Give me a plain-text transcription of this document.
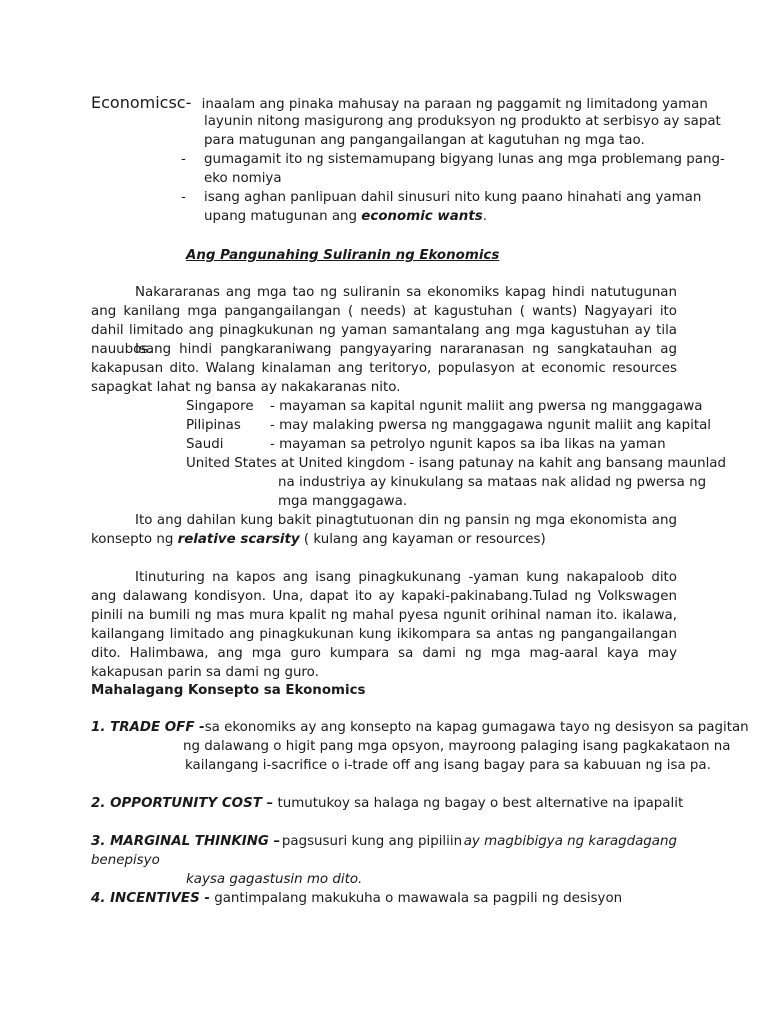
Economicsc- inaalam ang pinaka mahusay na paraan ng paggamit ng limitadong yaman
layunin nitong masigurong ang produksyon ng produkto at serbisyo ay sapat
para matugunan ang pangangailangan at kagutuhan ng mga tao.
- gumagamit ito ng sistemamupang bigyang lunas ang mga problemang pang-
eko nomiya
- isang aghan panlipuan dahil sinusuri nito kung paano hinahati ang yaman
upang matugunan ang economic wants.
Ang Pangunahing Suliranin ng Ekonomics
Nakararanas ang mga tao ng suliranin sa ekonomiks kapag hindi natutugunan ang kanilang mga pangangailangan ( needs) at kagustuhan ( wants) Nagyayari ito dahil limitado ang pinagkukunan ng yaman samantalang ang mga kagustuhan ay tila nauubos.
Isang hindi pangkaraniwang pangyayaring nararanasan ng sangkatauhan ag kakapusan dito. Walang kinalaman ang teritoryo, populasyon at economic resources sapagkat lahat ng bansa ay nakakaranas nito.
Singapore - mayaman sa kapital ngunit maliit ang pwersa ng manggagawa
Pilipinas - may malaking pwersa ng manggagawa ngunit maliit ang kapital
Saudi	- mayaman sa petrolyo ngunit kapos sa iba likas na yaman
United States at United kingdom - isang patunay na kahit ang bansang maunlad
na industriya ay kinukulang sa mataas nak alidad ng pwersa ng
mga manggagawa.
Ito ang dahilan kung bakit pinagtutuonan din ng pansin ng mga ekonomista ang
konsepto ng relative scarsity ( kulang ang kayaman or resources)
Itinuturing na kapos ang isang pinagkukunang -yaman kung nakapaloob dito ang dalawang kondisyon. Una, dapat ito ay kapaki-pakinabang.Tulad ng Volkswagen pinili na bumili ng mas mura kpalit ng mahal pyesa ngunit orihinal naman ito. ikalawa, kailangang limitado ang pinagkukunan kung ikikompara sa antas ng pangangailangan dito. Halimbawa, ang mga guro kumpara sa dami ng mga mag-aaral kaya may kakapusan parin sa dami ng guro.
Mahalagang Konsepto sa Ekonomics
1. TRADE OFF -sa ekonomiks ay ang konsepto na kapag gumagawa tayo ng desisyon sa pagitan
ng dalawang o higit pang mga opsyon, mayroong palaging isang pagkakataon na
kailangang i-sacrifice o i-trade off ang isang bagay para sa kabuuan ng isa pa.
2. OPPORTUNITY COST – tumutukoy sa halaga ng bagay o best alternative na ipapalit
3. MARGINAL THINKING – pagsusuri kung ang pipiliin ay magbibigya ng karagdagang
benepisyo
kaysa gagastusin mo dito.
4. INCENTIVES - gantimpalang makukuha o mawawala sa pagpili ng desisyon
